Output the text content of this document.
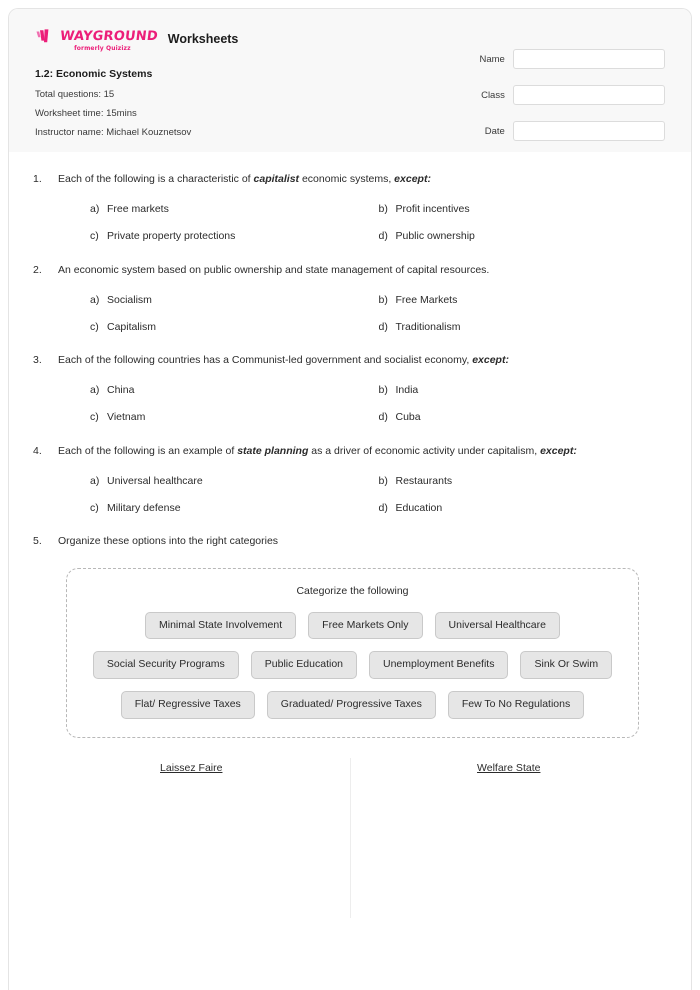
WAYGROUND
formerly Quizizz
Worksheets
1.2: Economic Systems
Total questions: 15
Worksheet time: 15mins
Instructor name: Michael Kouznetsov
Name
Class
Date
1.	Each of the following is a characteristic of capitalist economic systems, except:
a) Free markets	b) Profit incentives
c) Private property protections	d) Public ownership
2.	An economic system based on public ownership and state management of capital resources.
a) Socialism	b) Free Markets
c) Capitalism	d) Traditionalism
3.	Each of the following countries has a Communist-led government and socialist economy, except:
a) China	b) India
c) Vietnam	d) Cuba
4.	Each of the following is an example of state planning as a driver of economic activity under capitalism, except:
a) Universal healthcare	b) Restaurants
c) Military defense	d) Education
5.	Organize these options into the right categories
Categorize the following
Minimal State Involvement	Free Markets Only	Universal Healthcare
Social Security Programs	Public Education	Unemployment Benefits	Sink Or Swim
Flat/ Regressive Taxes	Graduated/ Progressive Taxes	Few To No Regulations
Laissez Faire	Welfare State
